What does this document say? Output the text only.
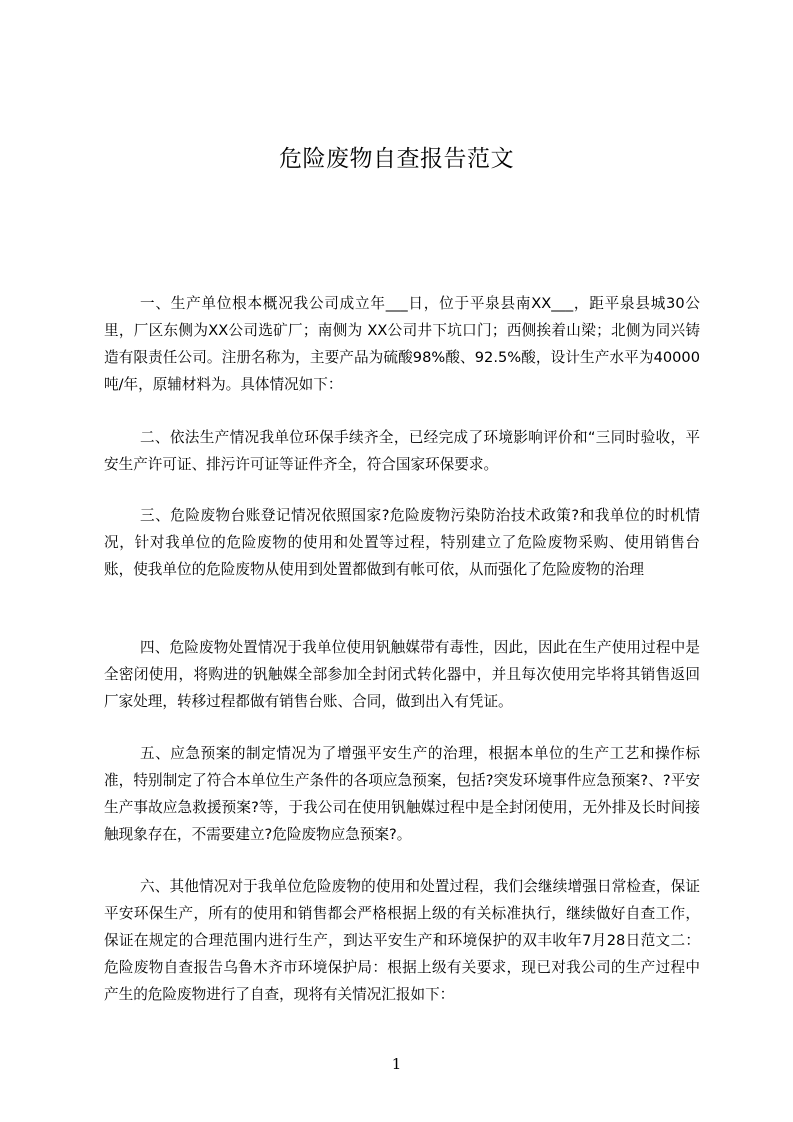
危险废物自查报告范文

一、生产单位根本概况我公司成立年___日，位于平泉县南XX___，距平泉县城30公里，厂区东侧为XX公司选矿厂；南侧为 XX公司井下坑口门；西侧挨着山梁；北侧为同兴铸造有限责任公司。注册名称为，主要产品为硫酸98%酸、92.5%酸，设计生产水平为40000吨/年，原辅材料为。具体情况如下：

二、依法生产情况我单位环保手续齐全，已经完成了环境影响评价和“三同时验收，平安生产许可证、排污许可证等证件齐全，符合国家环保要求。

三、危险废物台账登记情况依照国家?危险废物污染防治技术政策?和我单位的时机情况，针对我单位的危险废物的使用和处置等过程，特别建立了危险废物采购、使用销售台账，使我单位的危险废物从使用到处置都做到有帐可依，从而强化了危险废物的治理

四、危险废物处置情况于我单位使用钒触媒带有毒性，因此，因此在生产使用过程中是全密闭使用，将购进的钒触媒全部参加全封闭式转化器中，并且每次使用完毕将其销售返回厂家处理，转移过程都做有销售台账、合同，做到出入有凭证。

五、应急预案的制定情况为了增强平安生产的治理，根据本单位的生产工艺和操作标准，特别制定了符合本单位生产条件的各项应急预案，包括?突发环境事件应急预案?、?平安生产事故应急救援预案?等，于我公司在使用钒触媒过程中是全封闭使用，无外排及长时间接触现象存在，不需要建立?危险废物应急预案?。

六、其他情况对于我单位危险废物的使用和处置过程，我们会继续增强日常检查，保证平安环保生产，所有的使用和销售都会严格根据上级的有关标准执行，继续做好自查工作，保证在规定的合理范围内进行生产，到达平安生产和环境保护的双丰收年7月28日范文二：危险废物自查报告乌鲁木齐市环境保护局：根据上级有关要求，现已对我公司的生产过程中产生的危险废物进行了自查，现将有关情况汇报如下：

1
